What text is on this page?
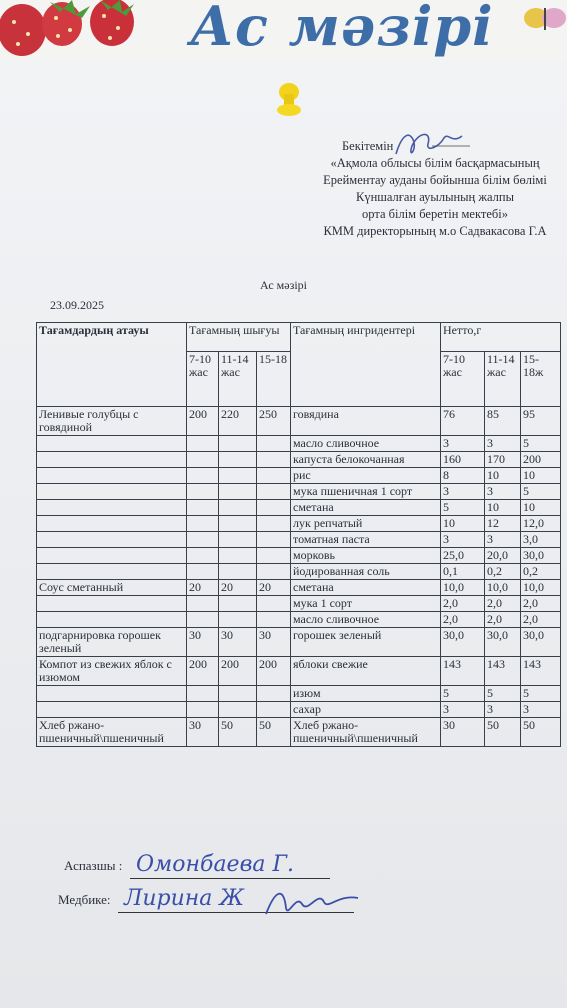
Ас мәзірі
Бекітемін
«Ақмола облысы білім басқармасының
Ерейментау ауданы бойынша білім бөлімі
Күншалған ауылының жалпы
орта білім беретін мектебі»
КММ директорының м.о Садвакасова Г.А
Ас мәзірі
23.09.2025
Тағамдардың атауы	Тағамның шығуы			Тағамның ингридентері	Нетто,г		
	7-10 жас	11-14 жас	15-18		7-10 жас	11-14 жас	15-18ж
Ленивые голубцы с говядиной	200	220	250	говядина	76	85	95
				масло сливочное	3	3	5
				капуста белокочанная	160	170	200
				рис	8	10	10
				мука пшеничная 1 сорт	3	3	5
				сметана	5	10	10
				лук репчатый	10	12	12,0
				томатная паста	3	3	3,0
				морковь	25,0	20,0	30,0
				йодированная соль	0,1	0,2	0,2
Соус сметанный	20	20	20	сметана	10,0	10,0	10,0
				мука 1 сорт	2,0	2,0	2,0
				масло сливочное	2,0	2,0	2,0
подгарнировка горошек зеленый	30	30	30	горошек зеленый	30,0	30,0	30,0
Компот из свежих яблок с изюмом	200	200	200	яблоки свежие	143	143	143
				изюм	5	5	5
				сахар	3	3	3
Хлеб ржано-пшеничный\пшеничный	30	50	50	Хлеб ржано-пшеничный\пшеничный	30	50	50
Аспазшы : Омонбаева Г.
Медбике: Лирина Ж
